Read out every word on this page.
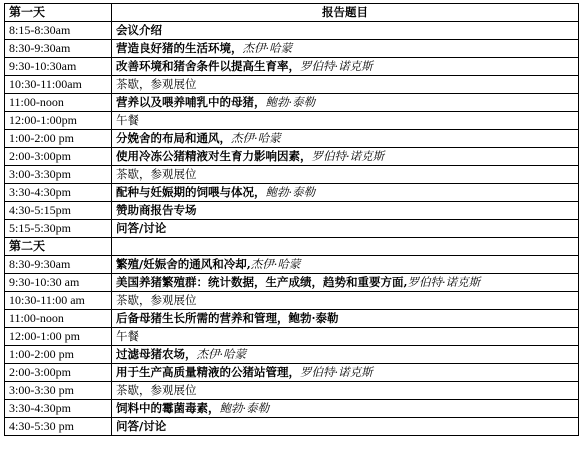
第一天	报告题目
8:15-8:30am	会议介绍
8:30-9:30am	营造良好猪的生活环境，杰伊·哈蒙
9:30-10:30am	改善环境和猪舍条件以提高生育率，罗伯特·诺克斯
10:30-11:00am	茶歇，参观展位
11:00-noon	营养以及喂养哺乳中的母猪，鲍勃·泰勒
12:00-1:00pm	午餐
1:00-2:00 pm	分娩舍的布局和通风，杰伊·哈蒙
2:00-3:00pm	使用冷冻公猪精液对生育力影响因素，罗伯特·诺克斯
3:00-3:30pm	茶歇，参观展位
3:30-4:30pm	配种与妊娠期的饲喂与体况，鲍勃·泰勒
4:30-5:15pm	赞助商报告专场
5:15-5:30pm	问答/讨论
第二天	
8:30-9:30am	繁殖/妊娠舍的通风和冷却,杰伊·哈蒙
9:30-10:30 am	美国养猪繁殖群：统计数据，生产成绩，趋势和重要方面,罗伯特·诺克斯
10:30-11:00 am	茶歇，参观展位
11:00-noon	后备母猪生长所需的营养和管理，鲍勃·泰勒
12:00-1:00 pm	午餐
1:00-2:00 pm	过滤母猪农场，杰伊·哈蒙
2:00-3:00pm	用于生产高质量精液的公猪站管理，罗伯特·诺克斯
3:00-3:30 pm	茶歇，参观展位
3:30-4:30pm	饲料中的霉菌毒素，鲍勃·泰勒
4:30-5:30 pm	问答/讨论
